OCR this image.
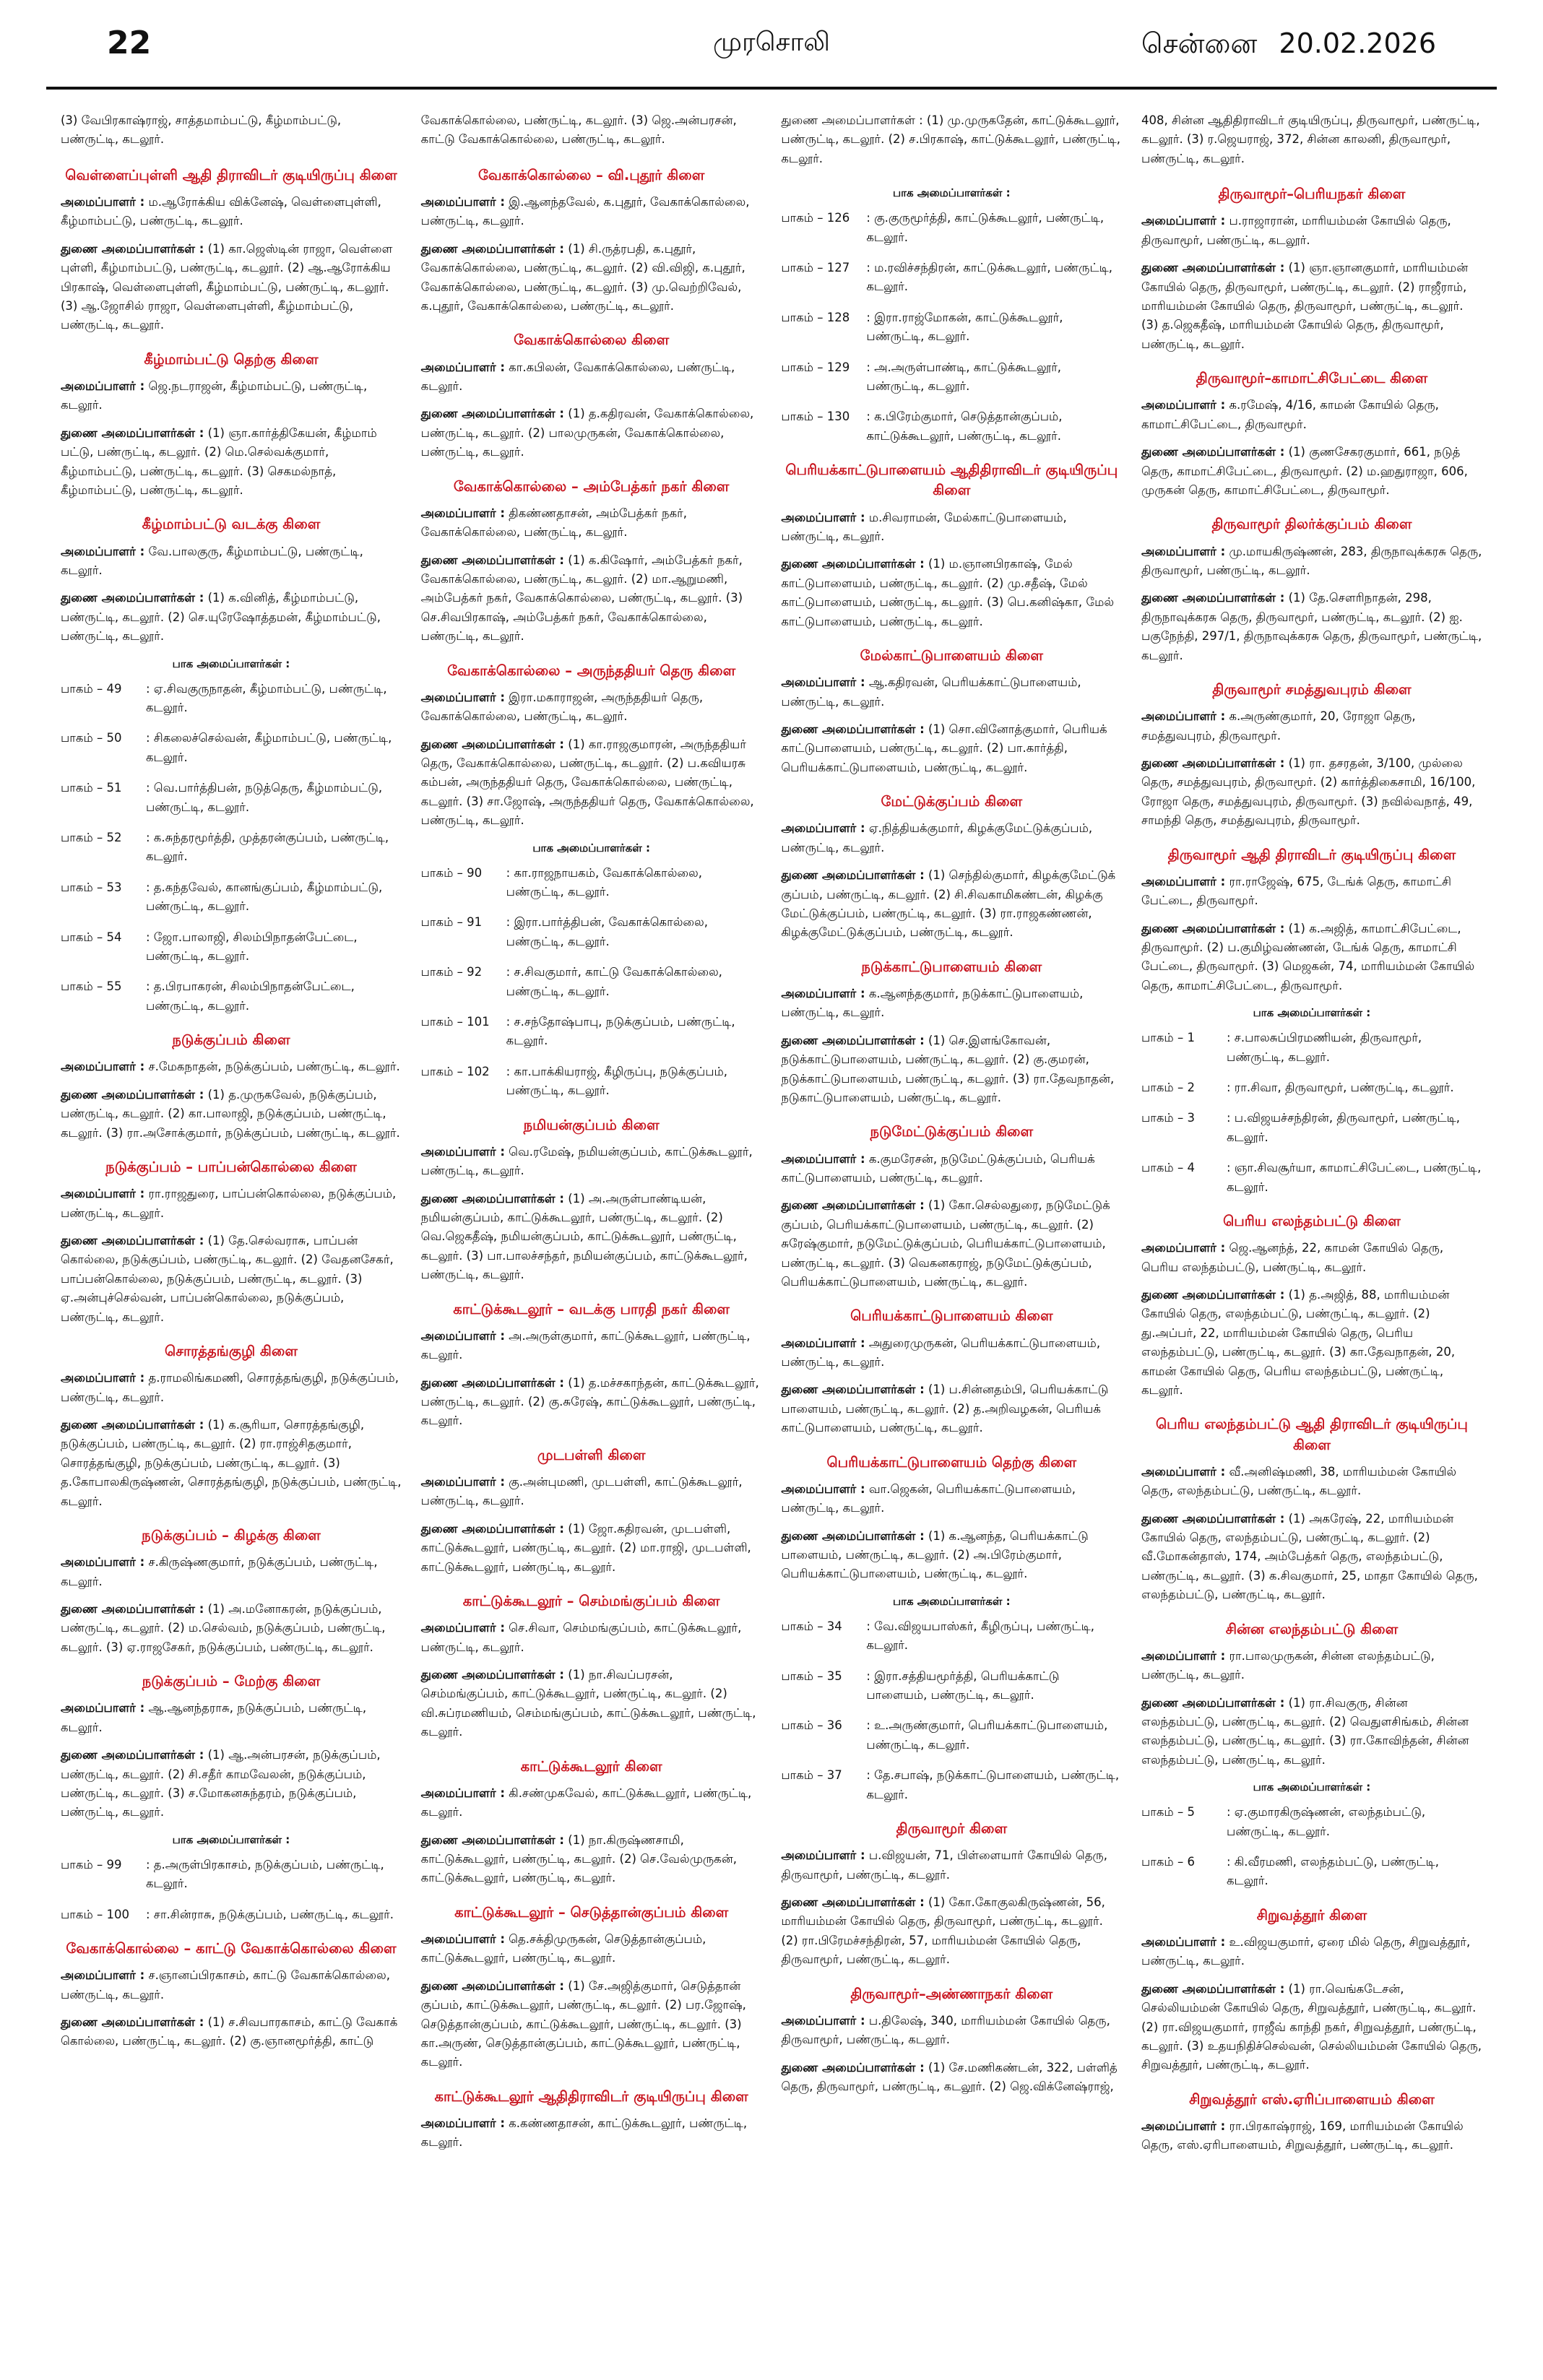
22	முரசொலி	சென்னை 20.02.2026

(3) வேபிரகாஷ்ராஜ், சாத்தமாம்பட்டு, கீழ்மாம்பட்டு, பண்ருட்டி, கடலூர்.

வெள்ளைப்புள்ளி ஆதி திராவிடர் குடியிருப்பு கிளை

அமைப்பாளர் : ம.ஆரோக்கிய விக்னேஷ், வெள்ளைபுள்ளி, கீழ்மாம்பட்டு, பண்ருட்டி, கடலூர்.

துணை அமைப்பாளர்கள் : (1) கா.ஜெஸ்டின் ராஜா, வெள்ளை புள்ளி, கீழ்மாம்பட்டு, பண்ருட்டி, கடலூர். (2) ஆ.ஆரோக்கிய பிரகாஷ், வெள்ளைபுள்ளி, கீழ்மாம்பட்டு, பண்ருட்டி, கடலூர். (3) ஆ.ஜோசில் ராஜா, வெள்ளைபுள்ளி, கீழ்மாம்பட்டு, பண்ருட்டி, கடலூர்.

கீழ்மாம்பட்டு தெற்கு கிளை

அமைப்பாளர் : ஜெ.நடராஜன், கீழ்மாம்பட்டு, பண்ருட்டி, கடலூர்.

துணை அமைப்பாளர்கள் : (1) ஞா.கார்த்திகேயன், கீழ்மாம் பட்டு, பண்ருட்டி, கடலூர். (2) மெ.செல்வக்குமார், கீழ்மாம்பட்டு, பண்ருட்டி, கடலூர். (3) செகமல்நாத், கீழ்மாம்பட்டு, பண்ருட்டி, கடலூர்.

கீழ்மாம்பட்டு வடக்கு கிளை

அமைப்பாளர் : வே.பாலகுரு, கீழ்மாம்பட்டு, பண்ருட்டி, கடலூர்.

துணை அமைப்பாளர்கள் : (1) க.வினித், கீழ்மாம்பட்டு, பண்ருட்டி, கடலூர். (2) செ.யுரேஷோத்தமன், கீழ்மாம்பட்டு, பண்ருட்டி, கடலூர்.

பாக அமைப்பாளர்கள் :
பாகம் – 49	: ஏ.சிவகுருநாதன், கீழ்மாம்பட்டு, பண்ருட்டி, கடலூர்.
பாகம் – 50	: சிகலைச்செல்வன், கீழ்மாம்பட்டு, பண்ருட்டி, கடலூர்.
பாகம் – 51	: வெ.பார்த்திபன், நடுத்தெரு, கீழ்மாம்பட்டு, பண்ருட்டி, கடலூர்.
பாகம் – 52	: க.சுந்தரமூர்த்தி, முத்தரன்குப்பம், பண்ருட்டி, கடலூர்.
பாகம் – 53	: த.கந்தவேல், கானங்குப்பம், கீழ்மாம்பட்டு, பண்ருட்டி, கடலூர்.
பாகம் – 54	: ஜோ.பாலாஜி, சிலம்பிநாதன்பேட்டை, பண்ருட்டி, கடலூர்.
பாகம் – 55	: த.பிரபாகரன், சிலம்பிநாதன்பேட்டை, பண்ருட்டி, கடலூர்.
நடுக்குப்பம் கிளை

அமைப்பாளர் : ச.மேகநாதன், நடுக்குப்பம், பண்ருட்டி, கடலூர்.

துணை அமைப்பாளர்கள் : (1) த.முருகவேல், நடுக்குப்பம், பண்ருட்டி, கடலூர். (2) கா.பாலாஜி, நடுக்குப்பம், பண்ருட்டி, கடலூர். (3) ரா.அசோக்குமார், நடுக்குப்பம், பண்ருட்டி, கடலூர்.

நடுக்குப்பம் – பாப்பன்கொல்லை கிளை

அமைப்பாளர் : ரா.ராஜதுரை, பாப்பன்கொல்லை, நடுக்குப்பம், பண்ருட்டி, கடலூர்.

துணை அமைப்பாளர்கள் : (1) தே.செல்வராசு, பாப்பன் கொல்லை, நடுக்குப்பம், பண்ருட்டி, கடலூர். (2) வேதனசேகர், பாப்பன்கொல்லை, நடுக்குப்பம், பண்ருட்டி, கடலூர். (3) ஏ.அன்புச்செல்வன், பாப்பன்கொல்லை, நடுக்குப்பம், பண்ருட்டி, கடலூர்.

சொரத்தங்குழி கிளை

அமைப்பாளர் : த.ராமலிங்கமணி, சொரத்தங்குழி, நடுக்குப்பம், பண்ருட்டி, கடலூர்.

துணை அமைப்பாளர்கள் : (1) க.சூரியா, சொரத்தங்குழி, நடுக்குப்பம், பண்ருட்டி, கடலூர். (2) ரா.ராஜ்சிதகுமார், சொரத்தங்குழி, நடுக்குப்பம், பண்ருட்டி, கடலூர். (3) த.கோபாலகிருஷ்ணன், சொரத்தங்குழி, நடுக்குப்பம், பண்ருட்டி, கடலூர்.

நடுக்குப்பம் – கிழக்கு கிளை

அமைப்பாளர் : ச.கிருஷ்ணகுமார், நடுக்குப்பம், பண்ருட்டி, கடலூர்.

துணை அமைப்பாளர்கள் : (1) அ.மனோகரன், நடுக்குப்பம், பண்ருட்டி, கடலூர். (2) ம.செல்வம், நடுக்குப்பம், பண்ருட்டி, கடலூர். (3) ஏ.ராஜசேகர், நடுக்குப்பம், பண்ருட்டி, கடலூர்.

நடுக்குப்பம் – மேற்கு கிளை

அமைப்பாளர் : ஆ.ஆனந்தராசு, நடுக்குப்பம், பண்ருட்டி, கடலூர்.

துணை அமைப்பாளர்கள் : (1) ஆ.அன்பரசன், நடுக்குப்பம், பண்ருட்டி, கடலூர். (2) சி.சதீர் காமவேலன், நடுக்குப்பம், பண்ருட்டி, கடலூர். (3) ச.மோகனசுந்தரம், நடுக்குப்பம், பண்ருட்டி, கடலூர்.

பாக அமைப்பாளர்கள் :
பாகம் – 99	: த.அருள்பிரகாசம், நடுக்குப்பம், பண்ருட்டி, கடலூர்.
பாகம் – 100	: சா.சின்ராசு, நடுக்குப்பம், பண்ருட்டி, கடலூர்.
வேகாக்கொல்லை – காட்டு வேகாக்கொல்லை கிளை

அமைப்பாளர் : ச.ஞானப்பிரகாசம், காட்டு வேகாக்கொல்லை, பண்ருட்டி, கடலூர்.

துணை அமைப்பாளர்கள் : (1) ச.சிவபாரகாசம், காட்டு வேகாக் கொல்லை, பண்ருட்டி, கடலூர். (2) கு.ஞானமூர்த்தி, காட்டு

வேகாக்கொல்லை, பண்ருட்டி, கடலூர். (3) ஜெ.அன்பரசன், காட்டு வேகாக்கொல்லை, பண்ருட்டி, கடலூர்.

வேகாக்கொல்லை – வி.புதூர் கிளை

அமைப்பாளர் : இ.ஆனந்தவேல், க.புதூர், வேகாக்கொல்லை, பண்ருட்டி, கடலூர்.

துணை அமைப்பாளர்கள் : (1) சி.ருத்ரபதி, க.புதூர், வேகாக்கொல்லை, பண்ருட்டி, கடலூர். (2) வி.விஜி, க.புதூர், வேகாக்கொல்லை, பண்ருட்டி, கடலூர். (3) மு.வெற்றிவேல், க.புதூர், வேகாக்கொல்லை, பண்ருட்டி, கடலூர்.

வேகாக்கொல்லை கிளை

அமைப்பாளர் : கா.கபிலன், வேகாக்கொல்லை, பண்ருட்டி, கடலூர்.

துணை அமைப்பாளர்கள் : (1) த.கதிரவன், வேகாக்கொல்லை, பண்ருட்டி, கடலூர். (2) பாலமுருகன், வேகாக்கொல்லை, பண்ருட்டி, கடலூர்.

வேகாக்கொல்லை – அம்பேத்கர் நகர் கிளை

அமைப்பாளர் : திகண்ணதாசன், அம்பேத்கர் நகர், வேகாக்கொல்லை, பண்ருட்டி, கடலூர்.

துணை அமைப்பாளர்கள் : (1) க.கிஷோர், அம்பேத்கர் நகர், வேகாக்கொல்லை, பண்ருட்டி, கடலூர். (2) மா.ஆறுமணி, அம்பேத்கர் நகர், வேகாக்கொல்லை, பண்ருட்டி, கடலூர். (3) செ.சிவபிரகாஷ், அம்பேத்கர் நகர், வேகாக்கொல்லை, பண்ருட்டி, கடலூர்.

வேகாக்கொல்லை – அருந்ததியர் தெரு கிளை

அமைப்பாளர் : இரா.மகாராஜன், அருந்ததியர் தெரு, வேகாக்கொல்லை, பண்ருட்டி, கடலூர்.

துணை அமைப்பாளர்கள் : (1) கா.ராஜகுமாரன், அருந்ததியர் தெரு, வேகாக்கொல்லை, பண்ருட்டி, கடலூர். (2) ப.கவியரசு கம்பன், அருந்ததியர் தெரு, வேகாக்கொல்லை, பண்ருட்டி, கடலூர். (3) சா.ஜோஷ், அருந்ததியர் தெரு, வேகாக்கொல்லை, பண்ருட்டி, கடலூர்.

பாக அமைப்பாளர்கள் :
பாகம் – 90	: கா.ராஜநாயகம், வேகாக்கொல்லை, பண்ருட்டி, கடலூர்.
பாகம் – 91	: இரா.பார்த்திபன், வேகாக்கொல்லை, பண்ருட்டி, கடலூர்.
பாகம் – 92	: ச.சிவகுமார், காட்டு வேகாக்கொல்லை, பண்ருட்டி, கடலூர்.
பாகம் – 101	: ச.சந்தோஷ்பாபு, நடுக்குப்பம், பண்ருட்டி, கடலூர்.
பாகம் – 102	: கா.பாக்கியராஜ், கீழிருப்பு, நடுக்குப்பம், பண்ருட்டி, கடலூர்.
நமியன்குப்பம் கிளை

அமைப்பாளர் : வெ.ரமேஷ், நமியன்குப்பம், காட்டுக்கூடலூர், பண்ருட்டி, கடலூர்.

துணை அமைப்பாளர்கள் : (1) அ.அருள்பாண்டியன், நமியன்குப்பம், காட்டுக்கூடலூர், பண்ருட்டி, கடலூர். (2) வெ.ஜெகதீஷ், நமியன்குப்பம், காட்டுக்கூடலூர், பண்ருட்டி, கடலூர். (3) பா.பாலச்சந்தர், நமியன்குப்பம், காட்டுக்கூடலூர், பண்ருட்டி, கடலூர்.

காட்டுக்கூடலூர் – வடக்கு பாரதி நகர் கிளை

அமைப்பாளர் : அ.அருள்குமார், காட்டுக்கூடலூர், பண்ருட்டி, கடலூர்.

துணை அமைப்பாளர்கள் : (1) த.மச்சகாந்தன், காட்டுக்கூடலூர், பண்ருட்டி, கடலூர். (2) கு.சுரேஷ், காட்டுக்கூடலூர், பண்ருட்டி, கடலூர்.

முடபள்ளி கிளை

அமைப்பாளர் : கு.அன்புமணி, முடபள்ளி, காட்டுக்கூடலூர், பண்ருட்டி, கடலூர்.

துணை அமைப்பாளர்கள் : (1) ஜோ.கதிரவன், முடபள்ளி, காட்டுக்கூடலூர், பண்ருட்டி, கடலூர். (2) மா.ராஜி, முடபள்ளி, காட்டுக்கூடலூர், பண்ருட்டி, கடலூர்.

காட்டுக்கூடலூர் – செம்மங்குப்பம் கிளை

அமைப்பாளர் : செ.சிவா, செம்மங்குப்பம், காட்டுக்கூடலூர், பண்ருட்டி, கடலூர்.

துணை அமைப்பாளர்கள் : (1) நா.சிவப்பரசன், செம்மங்குப்பம், காட்டுக்கூடலூர், பண்ருட்டி, கடலூர். (2) வி.சுப்ரமணியம், செம்மங்குப்பம், காட்டுக்கூடலூர், பண்ருட்டி, கடலூர்.

காட்டுக்கூடலூர் கிளை

அமைப்பாளர் : கி.சண்முகவேல், காட்டுக்கூடலூர், பண்ருட்டி, கடலூர்.

துணை அமைப்பாளர்கள் : (1) நா.கிருஷ்ணசாமி, காட்டுக்கூடலூர், பண்ருட்டி, கடலூர். (2) செ.வேல்முருகன், காட்டுக்கூடலூர், பண்ருட்டி, கடலூர்.

காட்டுக்கூடலூர் – செடுத்தான்குப்பம் கிளை

அமைப்பாளர் : தெ.சக்திமுருகன், செடுத்தான்குப்பம், காட்டுக்கூடலூர், பண்ருட்டி, கடலூர்.

துணை அமைப்பாளர்கள் : (1) சே.அஜித்குமார், செடுத்தான் குப்பம், காட்டுக்கூடலூர், பண்ருட்டி, கடலூர். (2) பர.ஜோஷ், செடுத்தான்குப்பம், காட்டுக்கூடலூர், பண்ருட்டி, கடலூர். (3) கா.அருண், செடுத்தான்குப்பம், காட்டுக்கூடலூர், பண்ருட்டி, கடலூர்.

காட்டுக்கூடலூர் ஆதிதிராவிடர் குடியிருப்பு கிளை

அமைப்பாளர் : க.கண்ணதாசன், காட்டுக்கூடலூர், பண்ருட்டி, கடலூர்.

துணை அமைப்பாளர்கள் : (1) மு.முருகதேன், காட்டுக்கூடலூர், பண்ருட்டி, கடலூர். (2) ச.பிரகாஷ், காட்டுக்கூடலூர், பண்ருட்டி, கடலூர்.

பாக அமைப்பாளர்கள் :
பாகம் – 126	: கு.குருமூர்த்தி, காட்டுக்கூடலூர், பண்ருட்டி, கடலூர்.
பாகம் – 127	: ம.ரவிச்சந்திரன், காட்டுக்கூடலூர், பண்ருட்டி, கடலூர்.
பாகம் – 128	: இரா.ராஜ்மோகன், காட்டுக்கூடலூர், பண்ருட்டி, கடலூர்.
பாகம் – 129	: அ.அருள்பாண்டி, காட்டுக்கூடலூர், பண்ருட்டி, கடலூர்.
பாகம் – 130	: க.பிரேம்குமார், செடுத்தான்குப்பம், காட்டுக்கூடலூர், பண்ருட்டி, கடலூர்.
பெரியக்காட்டுபாளையம் ஆதிதிராவிடர் குடியிருப்பு கிளை

அமைப்பாளர் : ம.சிவராமன், மேல்காட்டுபாளையம், பண்ருட்டி, கடலூர்.

துணை அமைப்பாளர்கள் : (1) ம.ஞானபிரகாஷ், மேல் காட்டுபாளையம், பண்ருட்டி, கடலூர். (2) மு.சதீஷ், மேல் காட்டுபாளையம், பண்ருட்டி, கடலூர். (3) பெ.கனிஷ்கா, மேல் காட்டுபாளையம், பண்ருட்டி, கடலூர்.

மேல்காட்டுபாளையம் கிளை

அமைப்பாளர் : ஆ.கதிரவன், பெரியக்காட்டுபாளையம், பண்ருட்டி, கடலூர்.

துணை அமைப்பாளர்கள் : (1) சொ.வினோத்குமார், பெரியக் காட்டுபாளையம், பண்ருட்டி, கடலூர். (2) பா.கார்த்தி, பெரியக்காட்டுபாளையம், பண்ருட்டி, கடலூர்.

மேட்டுக்குப்பம் கிளை

அமைப்பாளர் : ஏ.நித்தியக்குமார், கிழக்குமேட்டுக்குப்பம், பண்ருட்டி, கடலூர்.

துணை அமைப்பாளர்கள் : (1) செந்தில்குமார், கிழக்குமேட்டுக் குப்பம், பண்ருட்டி, கடலூர். (2) சி.சிவகாமிகண்டன், கிழக்கு மேட்டுக்குப்பம், பண்ருட்டி, கடலூர். (3) ரா.ராஜகண்ணன், கிழக்குமேட்டுக்குப்பம், பண்ருட்டி, கடலூர்.

நடுக்காட்டுபாளையம் கிளை

அமைப்பாளர் : க.ஆனந்தகுமார், நடுக்காட்டுபாளையம், பண்ருட்டி, கடலூர்.

துணை அமைப்பாளர்கள் : (1) செ.இளங்கோவன், நடுக்காட்டுபாளையம், பண்ருட்டி, கடலூர். (2) கு.குமரன், நடுக்காட்டுபாளையம், பண்ருட்டி, கடலூர். (3) ரா.தேவநாதன், நடுகாட்டுபாளையம், பண்ருட்டி, கடலூர்.

நடுமேட்டுக்குப்பம் கிளை

அமைப்பாளர் : க.குமரேசன், நடுமேட்டுக்குப்பம், பெரியக் காட்டுபாளையம், பண்ருட்டி, கடலூர்.

துணை அமைப்பாளர்கள் : (1) கோ.செல்லதுரை, நடுமேட்டுக் குப்பம், பெரியக்காட்டுபாளையம், பண்ருட்டி, கடலூர். (2) சுரேஷ்குமார், நடுமேட்டுக்குப்பம், பெரியக்காட்டுபாளையம், பண்ருட்டி, கடலூர். (3) வெகனகராஜ், நடுமேட்டுக்குப்பம், பெரியக்காட்டுபாளையம், பண்ருட்டி, கடலூர்.

பெரியக்காட்டுபாளையம் கிளை

அமைப்பாளர் : அதுரைமுருகன், பெரியக்காட்டுபாளையம், பண்ருட்டி, கடலூர்.

துணை அமைப்பாளர்கள் : (1) ப.சின்னதம்பி, பெரியக்காட்டு பாளையம், பண்ருட்டி, கடலூர். (2) த.அறிவழகன், பெரியக் காட்டுபாளையம், பண்ருட்டி, கடலூர்.

பெரியக்காட்டுபாளையம் தெற்கு கிளை

அமைப்பாளர் : வா.ஜெகன், பெரியக்காட்டுபாளையம், பண்ருட்டி, கடலூர்.

துணை அமைப்பாளர்கள் : (1) க.ஆனந்த, பெரியக்காட்டு பாளையம், பண்ருட்டி, கடலூர். (2) அ.பிரேம்குமார், பெரியக்காட்டுபாளையம், பண்ருட்டி, கடலூர்.

பாக அமைப்பாளர்கள் :
பாகம் – 34	: வே.விஜயபாஸ்கர், கீழிருப்பு, பண்ருட்டி, கடலூர்.
பாகம் – 35	: இரா.சத்தியமூர்த்தி, பெரியக்காட்டு பாளையம், பண்ருட்டி, கடலூர்.
பாகம் – 36	: உ.அருண்குமார், பெரியக்காட்டுபாளையம், பண்ருட்டி, கடலூர்.
பாகம் – 37	: தே.சபாஷ், நடுக்காட்டுபாளையம், பண்ருட்டி, கடலூர்.
திருவாமூர் கிளை

அமைப்பாளர் : ப.விஜயன், 71, பிள்ளையார் கோயில் தெரு, திருவாமூர், பண்ருட்டி, கடலூர்.

துணை அமைப்பாளர்கள் : (1) கோ.கோகுலகிருஷ்ணன், 56, மாரியம்மன் கோயில் தெரு, திருவாமூர், பண்ருட்டி, கடலூர். (2) ரா.பிரேமச்சந்திரன், 57, மாரியம்மன் கோயில் தெரு, திருவாமூர், பண்ருட்டி, கடலூர்.

திருவாமூர்–அண்ணாநகர் கிளை

அமைப்பாளர் : ப.திலேஷ், 340, மாரியம்மன் கோயில் தெரு, திருவாமூர், பண்ருட்டி, கடலூர்.

துணை அமைப்பாளர்கள் : (1) சே.மணிகண்டன், 322, பள்ளித் தெரு, திருவாமூர், பண்ருட்டி, கடலூர். (2) ஜெ.விக்னேஷ்ராஜ்,

408, சின்ன ஆதிதிராவிடர் குடியிருப்பு, திருவாமூர், பண்ருட்டி, கடலூர். (3) ர.ஜெயராஜ், 372, சின்ன காலனி, திருவாமூர், பண்ருட்டி, கடலூர்.

திருவாமூர்–பெரியநகர் கிளை

அமைப்பாளர் : ப.ராஜாரான், மாரியம்மன் கோயில் தெரு, திருவாமூர், பண்ருட்டி, கடலூர்.

துணை அமைப்பாளர்கள் : (1) ஞா.ஞானகுமார், மாரியம்மன் கோயில் தெரு, திருவாமூர், பண்ருட்டி, கடலூர். (2) ராஜீராம், மாரியம்மன் கோயில் தெரு, திருவாமூர், பண்ருட்டி, கடலூர். (3) த.ஜெகதீஷ், மாரியம்மன் கோயில் தெரு, திருவாமூர், பண்ருட்டி, கடலூர்.

திருவாமூர்–காமாட்சிபேட்டை கிளை

அமைப்பாளர் : க.ரமேஷ், 4/16, காமன் கோயில் தெரு, காமாட்சிபேட்டை, திருவாமூர்.

துணை அமைப்பாளர்கள் : (1) குணசேகரகுமார், 661, நடுத் தெரு, காமாட்சிபேட்டை, திருவாமூர். (2) ம.ஹதுராஜா, 606, முருகன் தெரு, காமாட்சிபேட்டை, திருவாமூர்.

திருவாமூர் திலர்க்குப்பம் கிளை

அமைப்பாளர் : மு.மாயகிருஷ்ணன், 283, திருநாவுக்கரசு தெரு, திருவாமூர், பண்ருட்டி, கடலூர்.

துணை அமைப்பாளர்கள் : (1) தே.சௌரிநாதன், 298, திருநாவுக்கரசு தெரு, திருவாமூர், பண்ருட்டி, கடலூர். (2) ஐ. பகுநேந்தி, 297/1, திருநாவுக்கரசு தெரு, திருவாமூர், பண்ருட்டி, கடலூர்.

திருவாமூர் சமத்துவபுரம் கிளை

அமைப்பாளர் : க.அருண்குமார், 20, ரோஜா தெரு, சமத்துவபுரம், திருவாமூர்.

துணை அமைப்பாளர்கள் : (1) ரா. தசரதன், 3/100, முல்லை தெரு, சமத்துவபுரம், திருவாமூர். (2) கார்த்திகைசாமி, 16/100, ரோஜா தெரு, சமத்துவபுரம், திருவாமூர். (3) நவில்வநாத், 49, சாமந்தி தெரு, சமத்துவபுரம், திருவாமூர்.

திருவாமூர் ஆதி திராவிடர் குடியிருப்பு கிளை

அமைப்பாளர் : ரா.ராஜேஷ், 675, டேங்க் தெரு, காமாட்சி பேட்டை, திருவாமூர்.

துணை அமைப்பாளர்கள் : (1) க.அஜித், காமாட்சிபேட்டை, திருவாமூர். (2) ப.குமிழ்வண்ணன், டேங்க் தெரு, காமாட்சி பேட்டை, திருவாமூர். (3) மெஜகன், 74, மாரியம்மன் கோயில் தெரு, காமாட்சிபேட்டை, திருவாமூர்.

பாக அமைப்பாளர்கள் :
பாகம் – 1	: ச.பாலசுப்பிரமணியன், திருவாமூர், பண்ருட்டி, கடலூர்.
பாகம் – 2	: ரா.சிவா, திருவாமூர், பண்ருட்டி, கடலூர்.
பாகம் – 3	: ப.விஜயச்சந்திரன், திருவாமூர், பண்ருட்டி, கடலூர்.
பாகம் – 4	: ஞா.சிவசூர்யா, காமாட்சிபேட்டை, பண்ருட்டி, கடலூர்.
பெரிய எலந்தம்பட்டு கிளை

அமைப்பாளர் : ஜெ.ஆனந்த், 22, காமன் கோயில் தெரு, பெரிய எலந்தம்பட்டு, பண்ருட்டி, கடலூர்.

துணை அமைப்பாளர்கள் : (1) த.அஜித், 88, மாரியம்மன் கோயில் தெரு, எலந்தம்பட்டு, பண்ருட்டி, கடலூர். (2) து.அப்பர், 22, மாரியம்மன் கோயில் தெரு, பெரிய எலந்தம்பட்டு, பண்ருட்டி, கடலூர். (3) கா.தேவநாதன், 20, காமன் கோயில் தெரு, பெரிய எலந்தம்பட்டு, பண்ருட்டி, கடலூர்.

பெரிய எலந்தம்பட்டு ஆதி திராவிடர் குடியிருப்பு கிளை

அமைப்பாளர் : வீ.அனிஷ்மணி, 38, மாரியம்மன் கோயில் தெரு, எலந்தம்பட்டு, பண்ருட்டி, கடலூர்.

துணை அமைப்பாளர்கள் : (1) அகரேஷ், 22, மாரியம்மன் கோயில் தெரு, எலந்தம்பட்டு, பண்ருட்டி, கடலூர். (2) வீ.மோகன்தாஸ், 174, அம்பேத்கர் தெரு, எலந்தம்பட்டு, பண்ருட்டி, கடலூர். (3) க.சிவகுமார், 25, மாதா கோயில் தெரு, எலந்தம்பட்டு, பண்ருட்டி, கடலூர்.

சின்ன எலந்தம்பட்டு கிளை

அமைப்பாளர் : ரா.பாலமுருகன், சின்ன எலந்தம்பட்டு, பண்ருட்டி, கடலூர்.

துணை அமைப்பாளர்கள் : (1) ரா.சிவகுரு, சின்ன எலந்தம்பட்டு, பண்ருட்டி, கடலூர். (2) வெதுளசிங்கம், சின்ன எலந்தம்பட்டு, பண்ருட்டி, கடலூர். (3) ரா.கோவிந்தன், சின்ன எலந்தம்பட்டு, பண்ருட்டி, கடலூர்.

பாக அமைப்பாளர்கள் :
பாகம் – 5	: ஏ.குமாரகிருஷ்ணன், எலந்தம்பட்டு, பண்ருட்டி, கடலூர்.
பாகம் – 6	: கி.வீரமணி, எலந்தம்பட்டு, பண்ருட்டி, கடலூர்.
சிறுவத்தூர் கிளை

அமைப்பாளர் : உ.விஜயகுமார், ஏரை மில் தெரு, சிறுவத்தூர், பண்ருட்டி, கடலூர்.

துணை அமைப்பாளர்கள் : (1) ரா.வெங்கடேசன், செல்லியம்மன் கோயில் தெரு, சிறுவத்தூர், பண்ருட்டி, கடலூர். (2) ரா.விஜயகுமார், ராஜீவ் காந்தி நகர், சிறுவத்தூர், பண்ருட்டி, கடலூர். (3) உதயநிதிச்செல்வன், செல்லியம்மன் கோயில் தெரு, சிறுவத்தூர், பண்ருட்டி, கடலூர்.

சிறுவத்தூர் எஸ்.ஏரிப்பாளையம் கிளை

அமைப்பாளர் : ரா.பிரகாஷ்ராஜ், 169, மாரியம்மன் கோயில் தெரு, எஸ்.ஏரிபாளையம், சிறுவத்தூர், பண்ருட்டி, கடலூர்.
